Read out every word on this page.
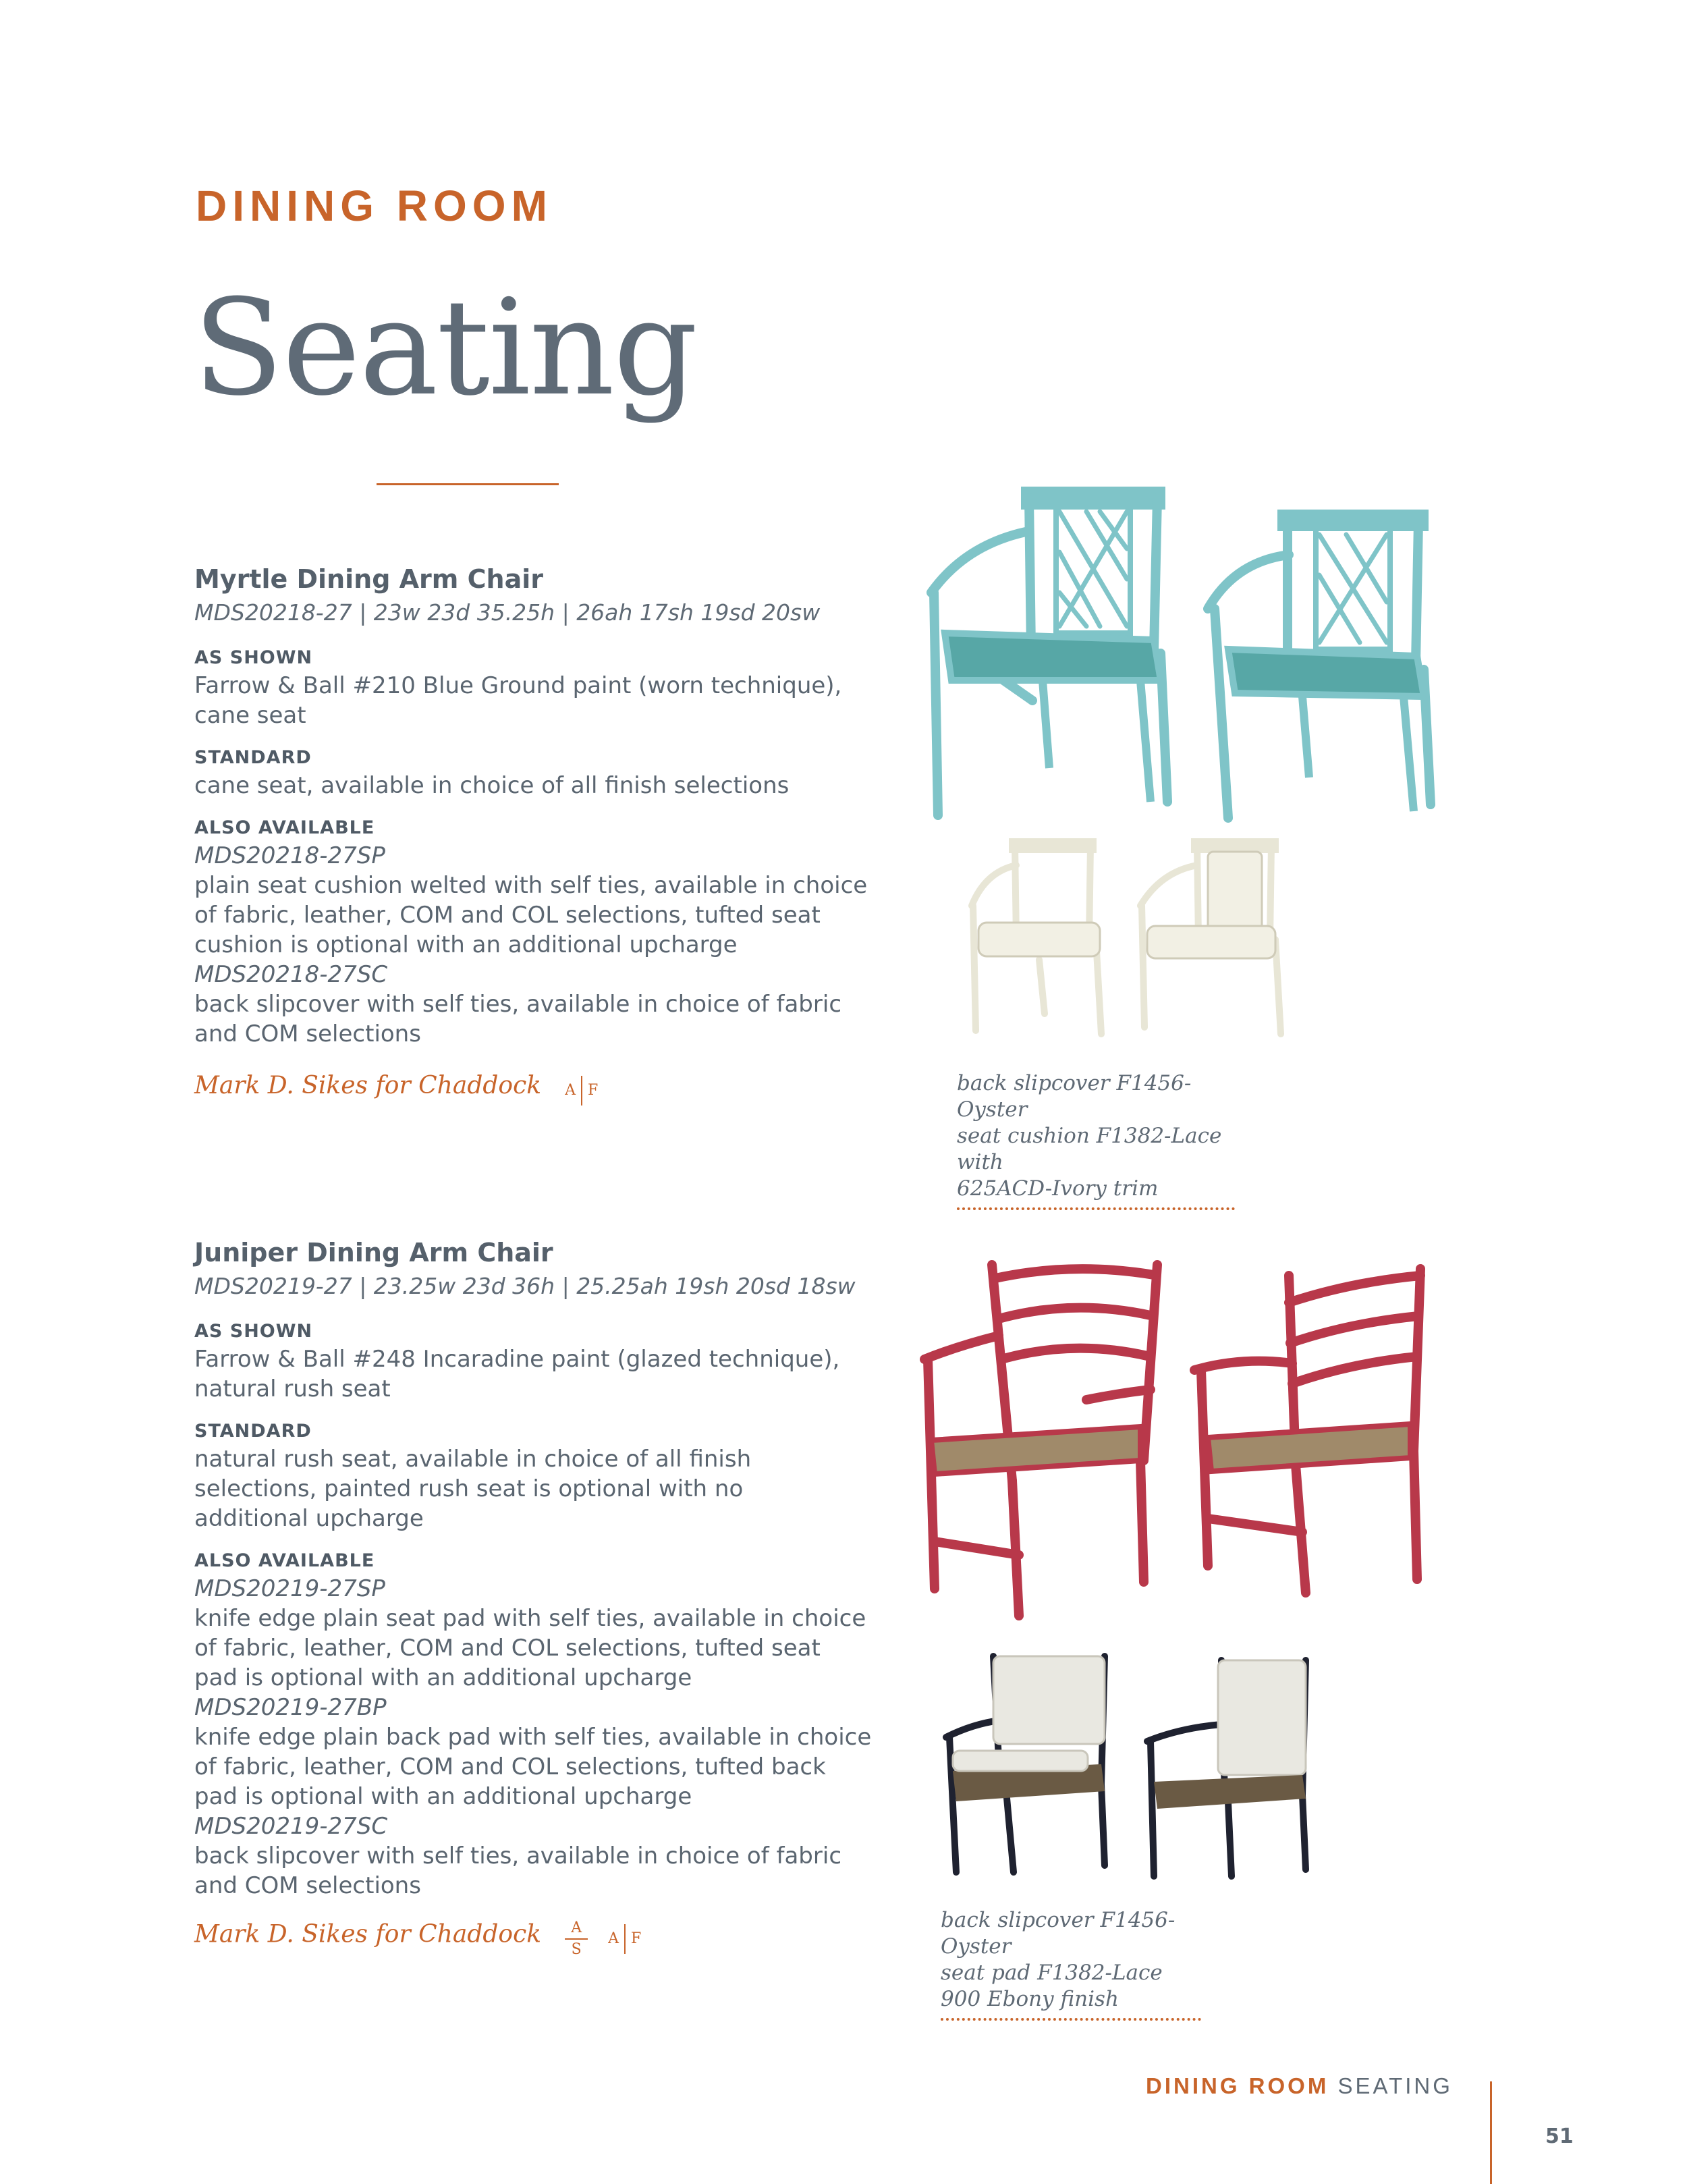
DINING ROOM
Seating
Myrtle Dining Arm Chair
MDS20218-27 | 23w 23d 35.25h | 26ah 17sh 19sd 20sw
AS SHOWN
Farrow & Ball #210 Blue Ground paint (worn technique),
cane seat
STANDARD
cane seat, available in choice of all finish selections
ALSO AVAILABLE
MDS20218-27SP
plain seat cushion welted with self ties, available in choice
of fabric, leather, COM and COL selections, tufted seat
cushion is optional with an additional upcharge
MDS20218-27SC
back slipcover with self ties, available in choice of fabric
and COM selections
Mark D. Sikes for Chaddock A F	back slipcover F1456-Oyster
seat cushion F1382-Lace with
625ACD-Ivory trim
Juniper Dining Arm Chair
MDS20219-27 | 23.25w 23d 36h | 25.25ah 19sh 20sd 18sw
AS SHOWN
Farrow & Ball #248 Incaradine paint (glazed technique),
natural rush seat
STANDARD
natural rush seat, available in choice of all finish
selections, painted rush seat is optional with no
additional upcharge
ALSO AVAILABLE
MDS20219-27SP
knife edge plain seat pad with self ties, available in choice
of fabric, leather, COM and COL selections, tufted seat
pad is optional with an additional upcharge
MDS20219-27BP
knife edge plain back pad with self ties, available in choice
of fabric, leather, COM and COL selections, tufted back
pad is optional with an additional upcharge
MDS20219-27SC
back slipcover with self ties, available in choice of fabric
and COM selections
Mark D. Sikes for Chaddock $\frac{A}{S}$ A F
back slipcover F1456-Oyster
seat pad F1382-Lace
900 Ebony finish
DINING ROOM SEATING
51
